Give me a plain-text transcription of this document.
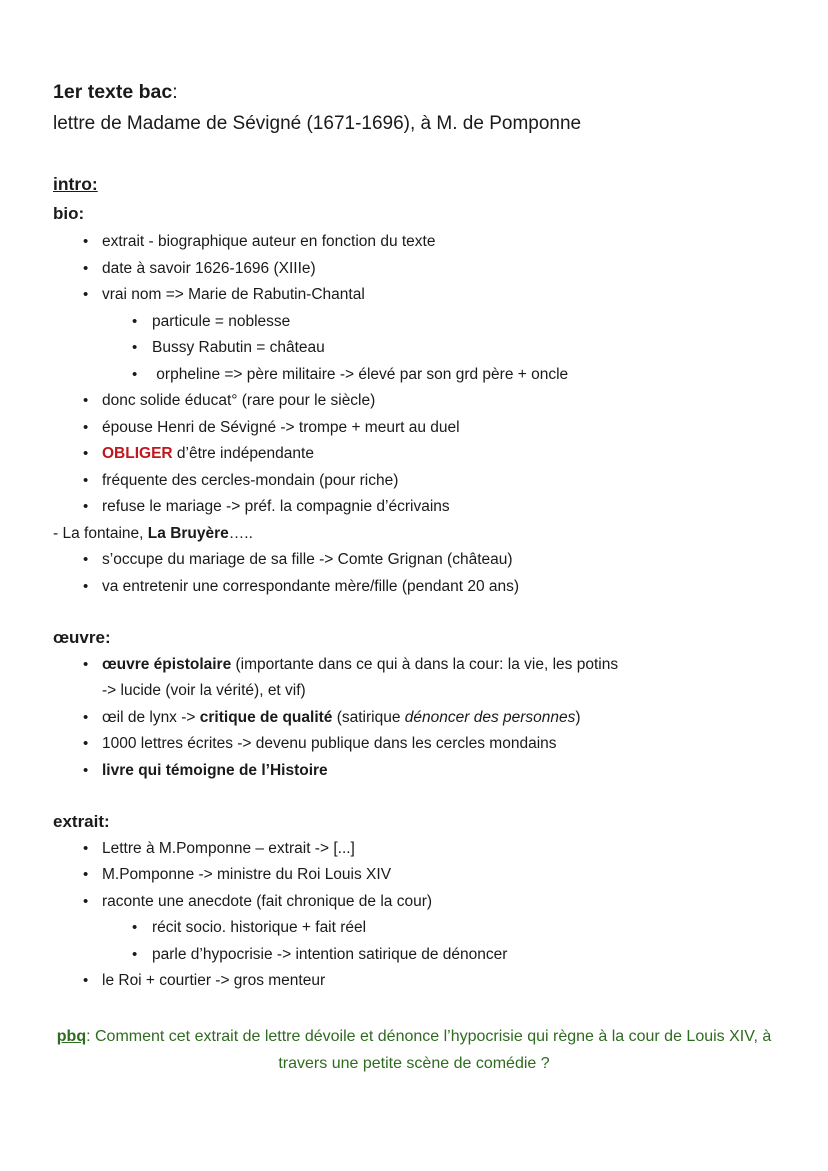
1er texte bac:
lettre de Madame de Sévigné (1671-1696), à M. de Pomponne
intro:
bio:
• extrait - biographique auteur en fonction du texte
• date à savoir 1626-1696 (XIIIe)
• vrai nom => Marie de Rabutin-Chantal
• particule = noblesse
• Bussy Rabutin = château
• orpheline => père militaire -> élevé par son grd père + oncle
• donc solide éducat° (rare pour le siècle)
• épouse Henri de Sévigné -> trompe + meurt au duel
• OBLIGER d’être indépendante
• fréquente des cercles-mondain (pour riche)
• refuse le mariage -> préf. la compagnie d’écrivains
- La fontaine, La Bruyère…..
• s’occupe du mariage de sa fille -> Comte Grignan (château)
• va entretenir une correspondante mère/fille (pendant 20 ans)
œuvre:
• œuvre épistolaire (importante dans ce qui à dans la cour: la vie, les potins
-> lucide (voir la vérité), et vif)
• œil de lynx -> critique de qualité (satirique dénoncer des personnes)
• 1000 lettres écrites -> devenu publique dans les cercles mondains
• livre qui témoigne de l’Histoire
extrait:
• Lettre à M.Pomponne – extrait -> [...]
• M.Pomponne -> ministre du Roi Louis XIV
• raconte une anecdote (fait chronique de la cour)
• récit socio. historique + fait réel
• parle d’hypocrisie -> intention satirique de dénoncer
• le Roi + courtier -> gros menteur
pbq: Comment cet extrait de lettre dévoile et dénonce l’hypocrisie qui règne à la cour de Louis XIV, à travers une petite scène de comédie ?
